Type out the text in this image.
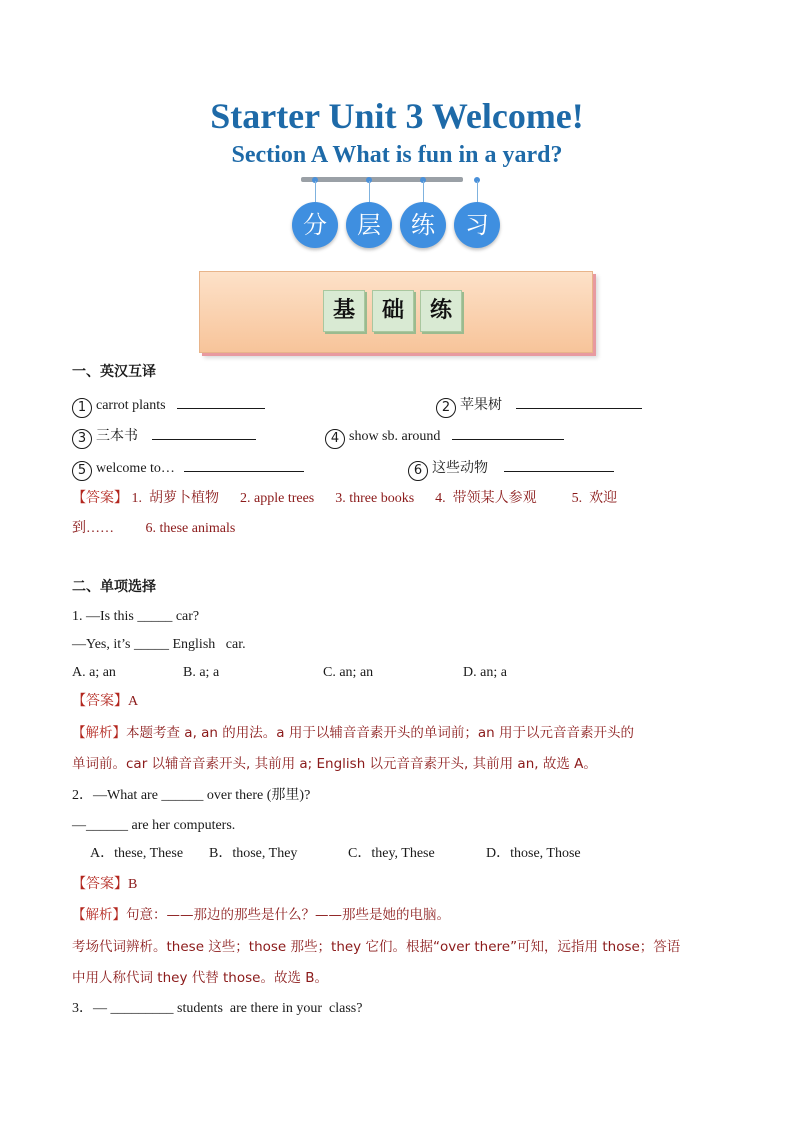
Starter Unit 3 Welcome!
Section A What is fun in a yard?
分	层	练	习
基	础	练
一、英汉互译
1 carrot plants	2 苹果树
3 三本书	4 show sb. around
5 welcome to…	6 这些动物
【答案】 1.  胡萝卜植物      2. apple trees      3. three books      4.  带领某人参观          5.  欢迎
到……         6. these animals
二、单项选择
1. —Is this _____ car?
—Yes, it’s _____ English   car.
A. a; an	B. a; a	C. an; an	D. an; a
【答案】A
【解析】本题考查 a, an 的用法。a 用于以辅音音素开头的单词前；an 用于以元音音素开头的
单词前。car 以辅音音素开头, 其前用 a; English 以元音音素开头, 其前用 an, 故选 A。
2．—What are ______ over there (那里)?
—______ are her computers.
A．these, These B．those, They	C．they, These	D．those, Those
【答案】B
【解析】句意：——那边的那些是什么？——那些是她的电脑。
考场代词辨析。these 这些；those 那些；they 它们。根据“over there”可知，远指用 those；答语
中用人称代词 they 代替 those。故选 B。
3．— _________ students  are there in your  class?
